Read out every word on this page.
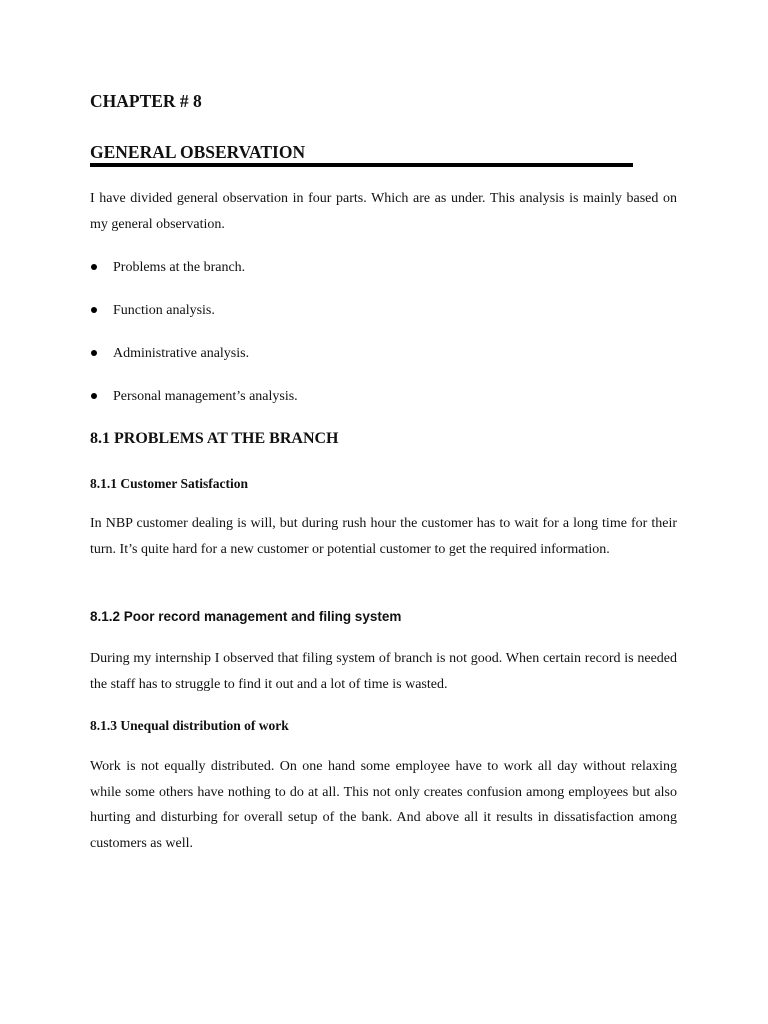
CHAPTER # 8
GENERAL OBSERVATION

I have divided general observation in four parts. Which are as under. This analysis is mainly based on my general observation.

Problems at the branch.
Function analysis.
Administrative analysis.
Personal management’s analysis.
8.1 PROBLEMS AT THE BRANCH
8.1.1 Customer Satisfaction

In NBP customer dealing is will, but during rush hour the customer has to wait for a long time for their turn. It’s quite hard for a new customer or potential customer to get the required information.

8.1.2 Poor record management and filing system

During my internship I observed that filing system of branch is not good. When certain record is needed the staff has to struggle to find it out and a lot of time is wasted.

8.1.3 Unequal distribution of work

Work is not equally distributed. On one hand some employee have to work all day without relaxing while some others have nothing to do at all. This not only creates confusion among employees but also hurting and disturbing for overall setup of the bank. And above all it results in dissatisfaction among customers as well.
